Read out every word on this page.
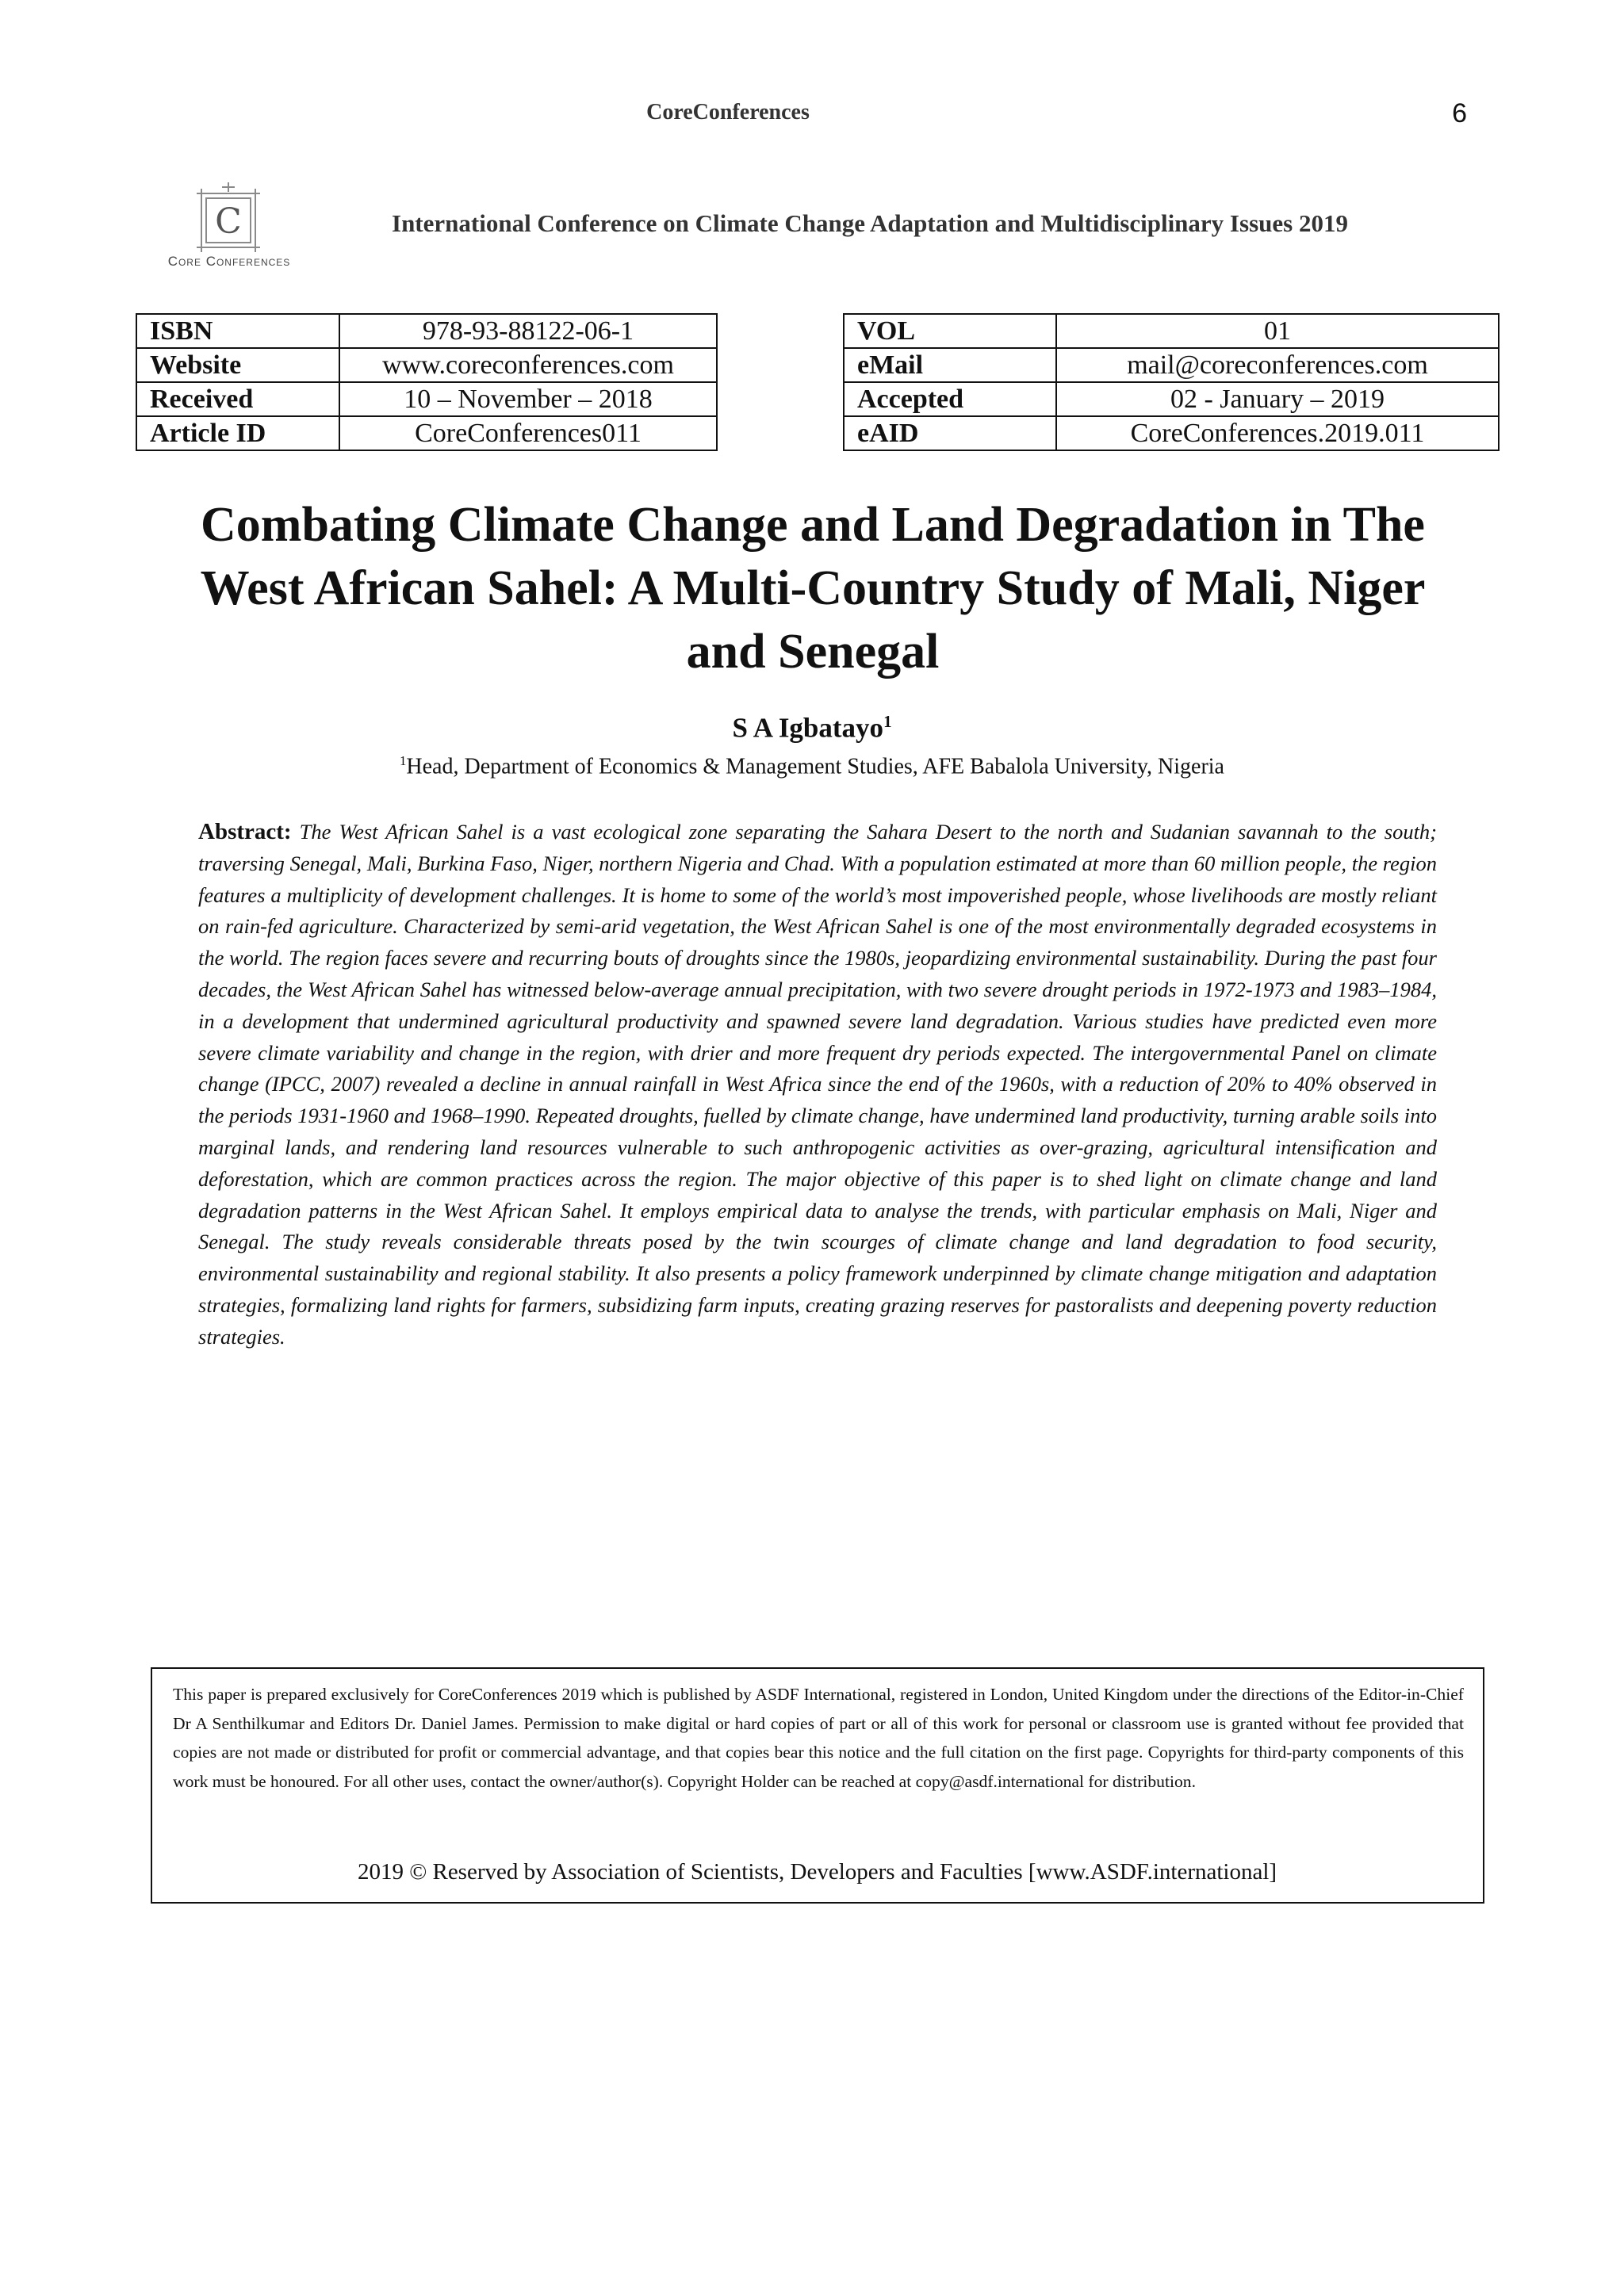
CoreConferences	6
C
Core Conferences
International Conference on Climate Change Adaptation and Multidisciplinary Issues 2019
ISBN	978-93-88122-06-1
Website	www.coreconferences.com
Received	10 – November – 2018
Article ID	CoreConferences011
VOL	01
eMail	mail@coreconferences.com
Accepted	02 - January – 2019
eAID	CoreConferences.2019.011
Combating Climate Change and Land Degradation in The West African Sahel: A Multi-Country Study of Mali, Niger and Senegal
S A Igbatayo$^1$
$^1$Head, Department of Economics & Management Studies, AFE Babalola University, Nigeria
Abstract: The West African Sahel is a vast ecological zone separating the Sahara Desert to the north and Sudanian savannah to the south; traversing Senegal, Mali, Burkina Faso, Niger, northern Nigeria and Chad. With a population estimated at more than 60 million people, the region features a multiplicity of development challenges. It is home to some of the world’s most impoverished people, whose livelihoods are mostly reliant on rain-fed agriculture. Characterized by semi-arid vegetation, the West African Sahel is one of the most environmentally degraded ecosystems in the world. The region faces severe and recurring bouts of droughts since the 1980s, jeopardizing environmental sustainability. During the past four decades, the West African Sahel has witnessed below-average annual precipitation, with two severe drought periods in 1972-1973 and 1983–1984, in a development that undermined agricultural productivity and spawned severe land degradation. Various studies have predicted even more severe climate variability and change in the region, with drier and more frequent dry periods expected. The intergovernmental Panel on climate change (IPCC, 2007) revealed a decline in annual rainfall in West Africa since the end of the 1960s, with a reduction of 20% to 40% observed in the periods 1931-1960 and 1968–1990. Repeated droughts, fuelled by climate change, have undermined land productivity, turning arable soils into marginal lands, and rendering land resources vulnerable to such anthropogenic activities as over-grazing, agricultural intensification and deforestation, which are common practices across the region. The major objective of this paper is to shed light on climate change and land degradation patterns in the West African Sahel. It employs empirical data to analyse the trends, with particular emphasis on Mali, Niger and Senegal. The study reveals considerable threats posed by the twin scourges of climate change and land degradation to food security, environmental sustainability and regional stability. It also presents a policy framework underpinned by climate change mitigation and adaptation strategies, formalizing land rights for farmers, subsidizing farm inputs, creating grazing reserves for pastoralists and deepening poverty reduction strategies.
This paper is prepared exclusively for CoreConferences 2019 which is published by ASDF International, registered in London, United Kingdom under the directions of the Editor-in-Chief Dr A Senthilkumar and Editors Dr. Daniel James. Permission to make digital or hard copies of part or all of this work for personal or classroom use is granted without fee provided that copies are not made or distributed for profit or commercial advantage, and that copies bear this notice and the full citation on the first page. Copyrights for third-party components of this work must be honoured. For all other uses, contact the owner/author(s). Copyright Holder can be reached at copy@asdf.international for distribution.
2019 © Reserved by Association of Scientists, Developers and Faculties [www.ASDF.international]
